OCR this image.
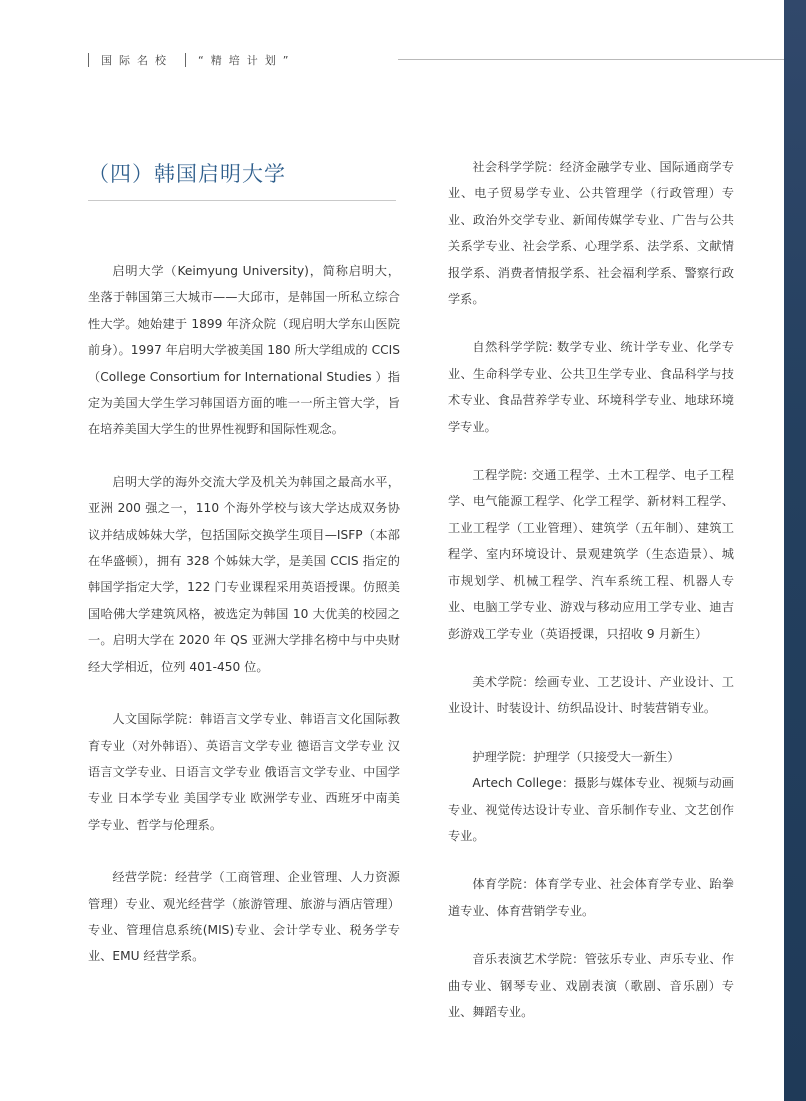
国际名校 “精培计划”
（四）韩国启明大学

启明大学（Keimyung University)，简称启明大，坐落于韩国第三大城市——大邱市，是韩国一所私立综合性大学。她始建于 1899 年济众院（现启明大学东山医院前身）。1997 年启明大学被美国 180 所大学组成的 CCIS（College Consortium for International Studies ）指定为美国大学生学习韩国语方面的唯一一所主管大学，旨在培养美国大学生的世界性视野和国际性观念。

启明大学的海外交流大学及机关为韩国之最高水平，亚洲 200 强之一，110 个海外学校与该大学达成双务协议并结成姊妹大学，包括国际交换学生项目—ISFP（本部在华盛顿），拥有 328 个姊妹大学，是美国 CCIS 指定的韩国学指定大学，122 门专业课程采用英语授课。仿照美国哈佛大学建筑风格，被选定为韩国 10 大优美的校园之一。启明大学在 2020 年 QS 亚洲大学排名榜中与中央财经大学相近，位列 401-450 位。

人文国际学院：韩语言文学专业、韩语言文化国际教育专业（对外韩语）、英语言文学专业 德语言文学专业 汉语言文学专业、日语言文学专业 俄语言文学专业、中国学专业 日本学专业 美国学专业 欧洲学专业、西班牙中南美学专业、哲学与伦理系。

经营学院：经营学（工商管理、企业管理、人力资源管理）专业、观光经营学（旅游管理、旅游与酒店管理）专业、管理信息系统(MIS)专业、会计学专业、税务学专业、EMU 经营学系。

社会科学学院：经济金融学专业、国际通商学专业、电子贸易学专业、公共管理学（行政管理）专业、政治外交学专业、新闻传媒学专业、广告与公共关系学专业、社会学系、心理学系、法学系、文献情报学系、消费者情报学系、社会福利学系、警察行政学系。

自然科学学院: 数学专业、统计学专业、化学专业、生命科学专业、公共卫生学专业、食品科学与技术专业、食品营养学专业、环境科学专业、地球环境学专业。

工程学院: 交通工程学、土木工程学、电子工程学、电气能源工程学、化学工程学、新材料工程学、工业工程学（工业管理）、建筑学（五年制）、建筑工程学、室内环境设计、景观建筑学（生态造景）、城市规划学、机械工程学、汽车系统工程、机器人专业、电脑工学专业、游戏与移动应用工学专业、迪吉彭游戏工学专业（英语授课，只招收 9 月新生）

美术学院：绘画专业、工艺设计、产业设计、工业设计、时装设计、纺织品设计、时装营销专业。

护理学院：护理学（只接受大一新生）

Artech College：摄影与媒体专业、视频与动画专业、视觉传达设计专业、音乐制作专业、文艺创作专业。

体育学院：体育学专业、社会体育学专业、跆拳道专业、体育营销学专业。

音乐表演艺术学院：管弦乐专业、声乐专业、作曲专业、钢琴专业、戏剧表演（歌剧、音乐剧）专业、舞蹈专业。
